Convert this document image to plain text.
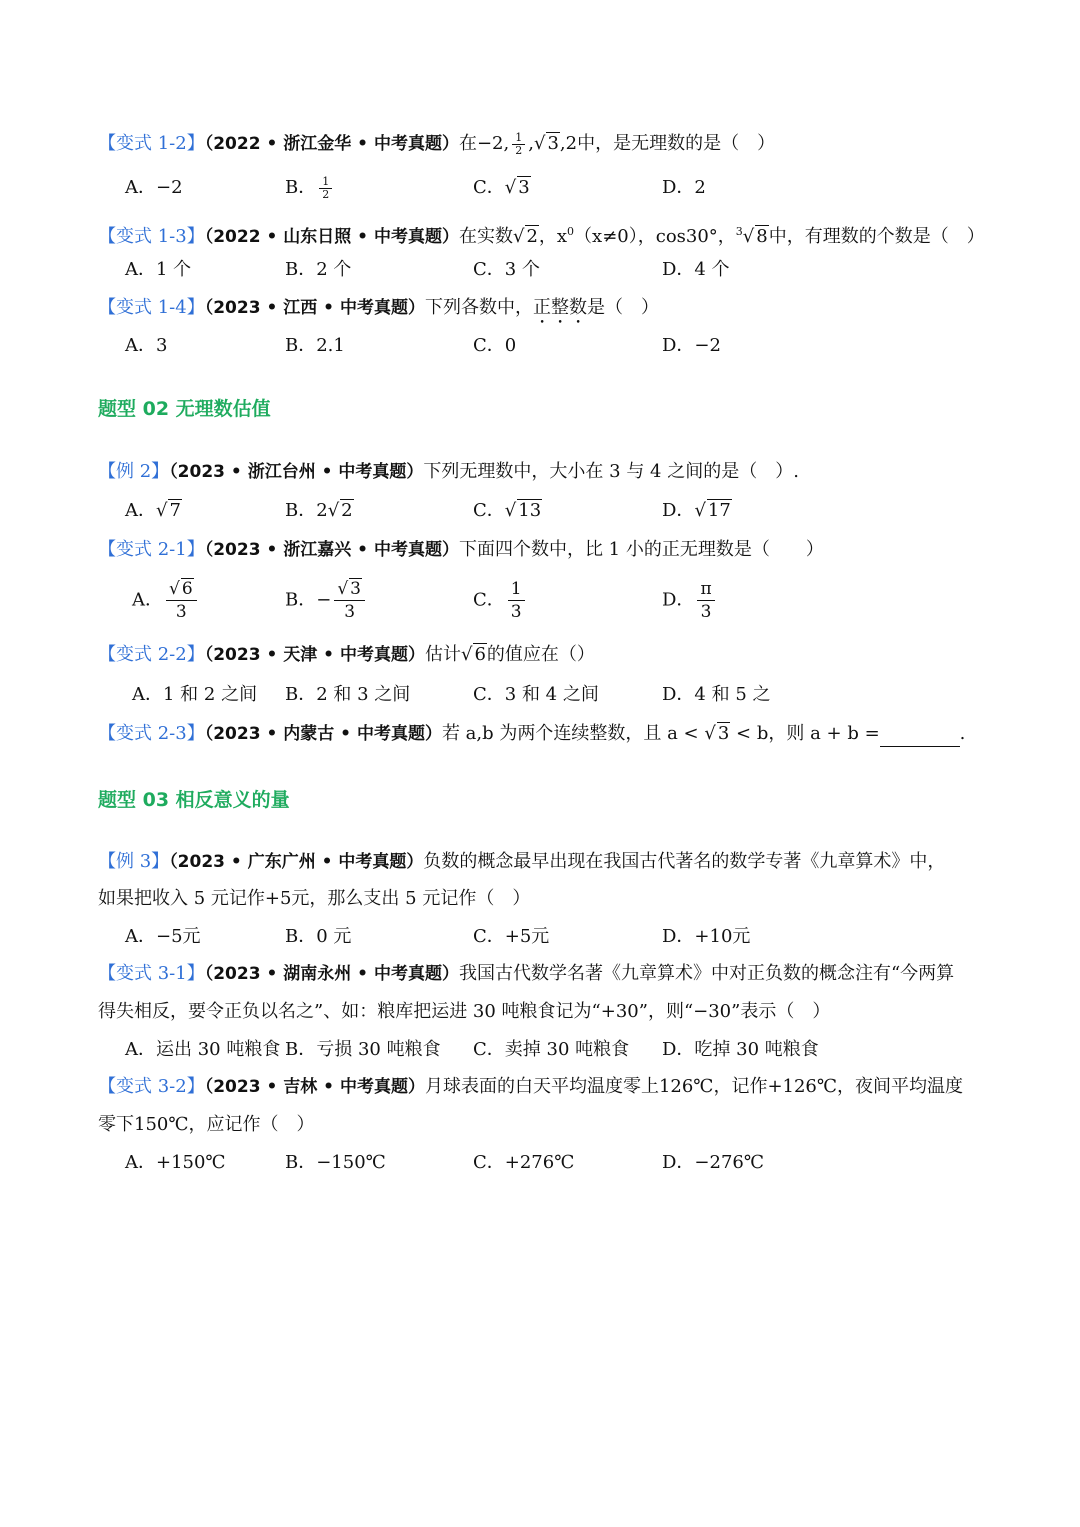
【变式 1-2】（2022 • 浙江金华 • 中考真题）在−2, $\frac{1}{2}$ , √ 3,2中，是无理数的是（　）
A．−2	B． $\frac{1}{2}$	C． √ 3	D．2
【变式 1-3】（2022 • 山东日照 • 中考真题）在实数 √ 2，$x^0(x\ne 0)$，cos30°，$^3$ √ 8中，有理数的个数是（　）
A．1 个	B．2 个	C．3 个	D．4 个
【变式 1-4】（2023 • 江西 • 中考真题）下列各数中，正整数是（　）
A．3	B．2.1	C．0	D．−2
题型 02 无理数估值
【例 2】（2023 • 浙江台州 • 中考真题）下列无理数中，大小在 3 与 4 之间的是（　）.
A． √ 7	B．2 √ 2	C． √ 13	D． √ 17
【变式 2-1】（2023 • 浙江嘉兴 • 中考真题）下面四个数中，比 1 小的正无理数是（　　）
A． √ $\frac{6}{3}$	B．− √ $\frac{3}{3}$	C． $\frac{1}{3}$	D． $\frac{\pi}{3}$
【变式 2-2】（2023 • 天津 • 中考真题）估计 √ 6的值应在（）
A．1 和 2 之间 B．2 和 3 之间	C．3 和 4 之间	D．4 和 5 之
【变式 2-3】（2023 • 内蒙古 • 中考真题）若 a,b 为两个连续整数，且 a < √ 3 < b，则 a + b =	.
题型 03 相反意义的量
【例 3】（2023 • 广东广州 • 中考真题）负数的概念最早出现在我国古代著名的数学专著《九章算术》中，
如果把收入 5 元记作+5元，那么支出 5 元记作（　）
A．−5元	B．0 元	C．+5元	D．+10元
【变式 3-1】（2023 • 湖南永州 • 中考真题）我国古代数学名著《九章算术》中对正负数的概念注有“今两算
得失相反，要令正负以名之”、如：粮库把运进 30 吨粮食记为“+30”，则“−30”表示（　）
A．运出 30 吨粮食 B．亏损 30 吨粮食 C．卖掉 30 吨粮食 D．吃掉 30 吨粮食
【变式 3-2】（2023 • 吉林 • 中考真题）月球表面的白天平均温度零上126℃，记作+126℃，夜间平均温度
零下150℃，应记作（　）
A．+150℃	B．−150℃	C．+276℃	D．−276℃
